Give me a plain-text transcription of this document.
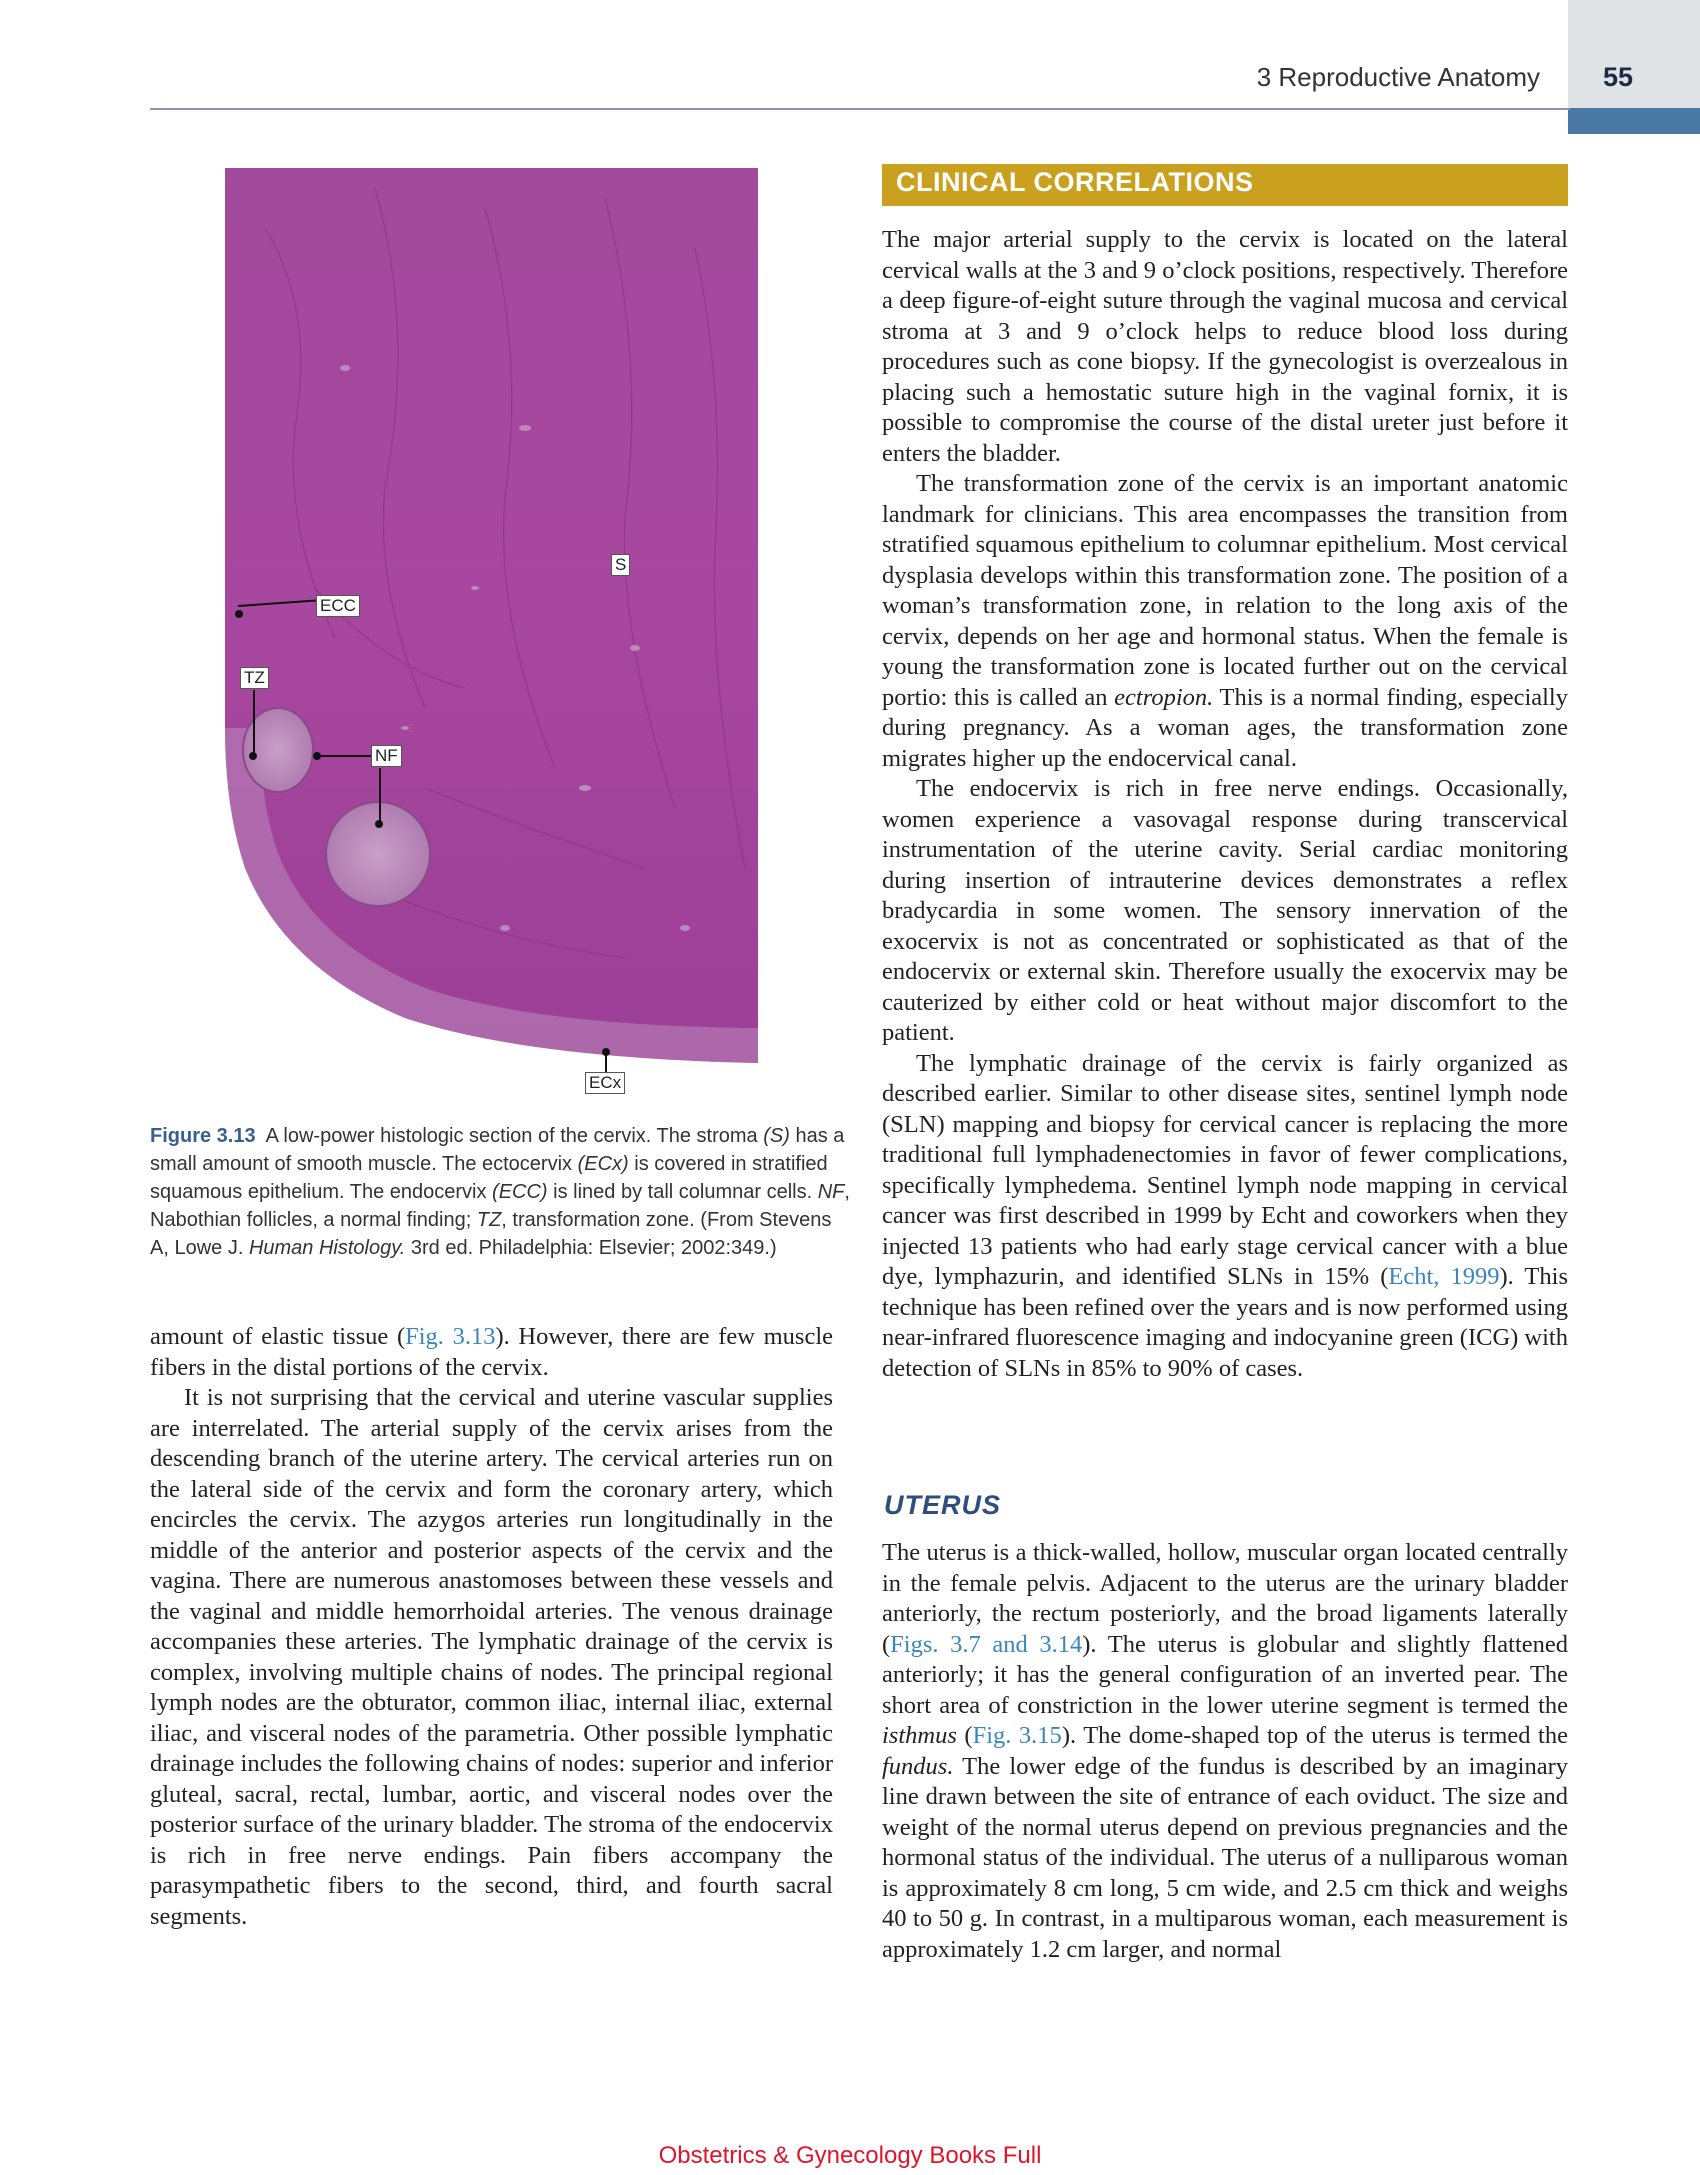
3 Reproductive Anatomy	55
S
ECC
TZ
NF
ECx
Figure 3.13 A low-power histologic section of the cervix. The stroma (S) has a small amount of smooth muscle. The ectocervix (ECx) is covered in stratified squamous epithelium. The endocervix (ECC) is lined by tall columnar cells. NF, Nabothian follicles, a normal finding; TZ, transformation zone. (From Stevens A, Lowe J. Human Histology. 3rd ed. Philadelphia: Elsevier; 2002:349.)

amount of elastic tissue (Fig. 3.13). However, there are few muscle fibers in the distal portions of the cervix.

It is not surprising that the cervical and uterine vascular supplies are interrelated. The arterial supply of the cervix arises from the descending branch of the uterine artery. The cervical arteries run on the lateral side of the cervix and form the coronary artery, which encircles the cervix. The azygos arteries run longitudinally in the middle of the anterior and posterior aspects of the cervix and the vagina. There are numerous anastomoses between these vessels and the vaginal and middle hemorrhoidal arteries. The venous drainage accompanies these arteries. The lymphatic drainage of the cervix is complex, involving multiple chains of nodes. The principal regional lymph nodes are the obturator, common iliac, internal iliac, external iliac, and visceral nodes of the parametria. Other possible lymphatic drainage includes the following chains of nodes: superior and inferior gluteal, sacral, rectal, lumbar, aortic, and visceral nodes over the posterior surface of the urinary bladder. The stroma of the endocervix is rich in free nerve endings. Pain fibers accompany the parasympathetic fibers to the second, third, and fourth sacral segments.

CLINICAL CORRELATIONS

The major arterial supply to the cervix is located on the lateral cervical walls at the 3 and 9 o’clock positions, respectively. Therefore a deep figure-of-eight suture through the vaginal mucosa and cervical stroma at 3 and 9 o’clock helps to reduce blood loss during procedures such as cone biopsy. If the gynecologist is overzealous in placing such a hemostatic suture high in the vaginal fornix, it is possible to compromise the course of the distal ureter just before it enters the bladder.

The transformation zone of the cervix is an important anatomic landmark for clinicians. This area encompasses the transition from stratified squamous epithelium to columnar epithelium. Most cervical dysplasia develops within this transformation zone. The position of a woman’s transformation zone, in relation to the long axis of the cervix, depends on her age and hormonal status. When the female is young the transformation zone is located further out on the cervical portio: this is called an ectropion. This is a normal finding, especially during pregnancy. As a woman ages, the transformation zone migrates higher up the endocervical canal.

The endocervix is rich in free nerve endings. Occasionally, women experience a vasovagal response during transcervical instrumentation of the uterine cavity. Serial cardiac monitoring during insertion of intrauterine devices demonstrates a reflex bradycardia in some women. The sensory innervation of the exocervix is not as concentrated or sophisticated as that of the endocervix or external skin. Therefore usually the exocervix may be cauterized by either cold or heat without major discomfort to the patient.

The lymphatic drainage of the cervix is fairly organized as described earlier. Similar to other disease sites, sentinel lymph node (SLN) mapping and biopsy for cervical cancer is replacing the more traditional full lymphadenectomies in favor of fewer complications, specifically lymphedema. Sentinel lymph node mapping in cervical cancer was first described in 1999 by Echt and coworkers when they injected 13 patients who had early stage cervical cancer with a blue dye, lymphazurin, and identified SLNs in 15% (Echt, 1999). This technique has been refined over the years and is now performed using near-infrared fluorescence imaging and indocyanine green (ICG) with detection of SLNs in 85% to 90% of cases.

UTERUS

The uterus is a thick-walled, hollow, muscular organ located centrally in the female pelvis. Adjacent to the uterus are the urinary bladder anteriorly, the rectum posteriorly, and the broad ligaments laterally (Figs. 3.7 and 3.14). The uterus is globular and slightly flattened anteriorly; it has the general configuration of an inverted pear. The short area of constriction in the lower uterine segment is termed the isthmus (Fig. 3.15). The dome-shaped top of the uterus is termed the fundus. The lower edge of the fundus is described by an imaginary line drawn between the site of entrance of each oviduct. The size and weight of the normal uterus depend on previous pregnancies and the hormonal status of the individual. The uterus of a nulliparous woman is approximately 8 cm long, 5 cm wide, and 2.5 cm thick and weighs 40 to 50 g. In contrast, in a multiparous woman, each measurement is approximately 1.2 cm larger, and normal

Obstetrics & Gynecology Books Full
